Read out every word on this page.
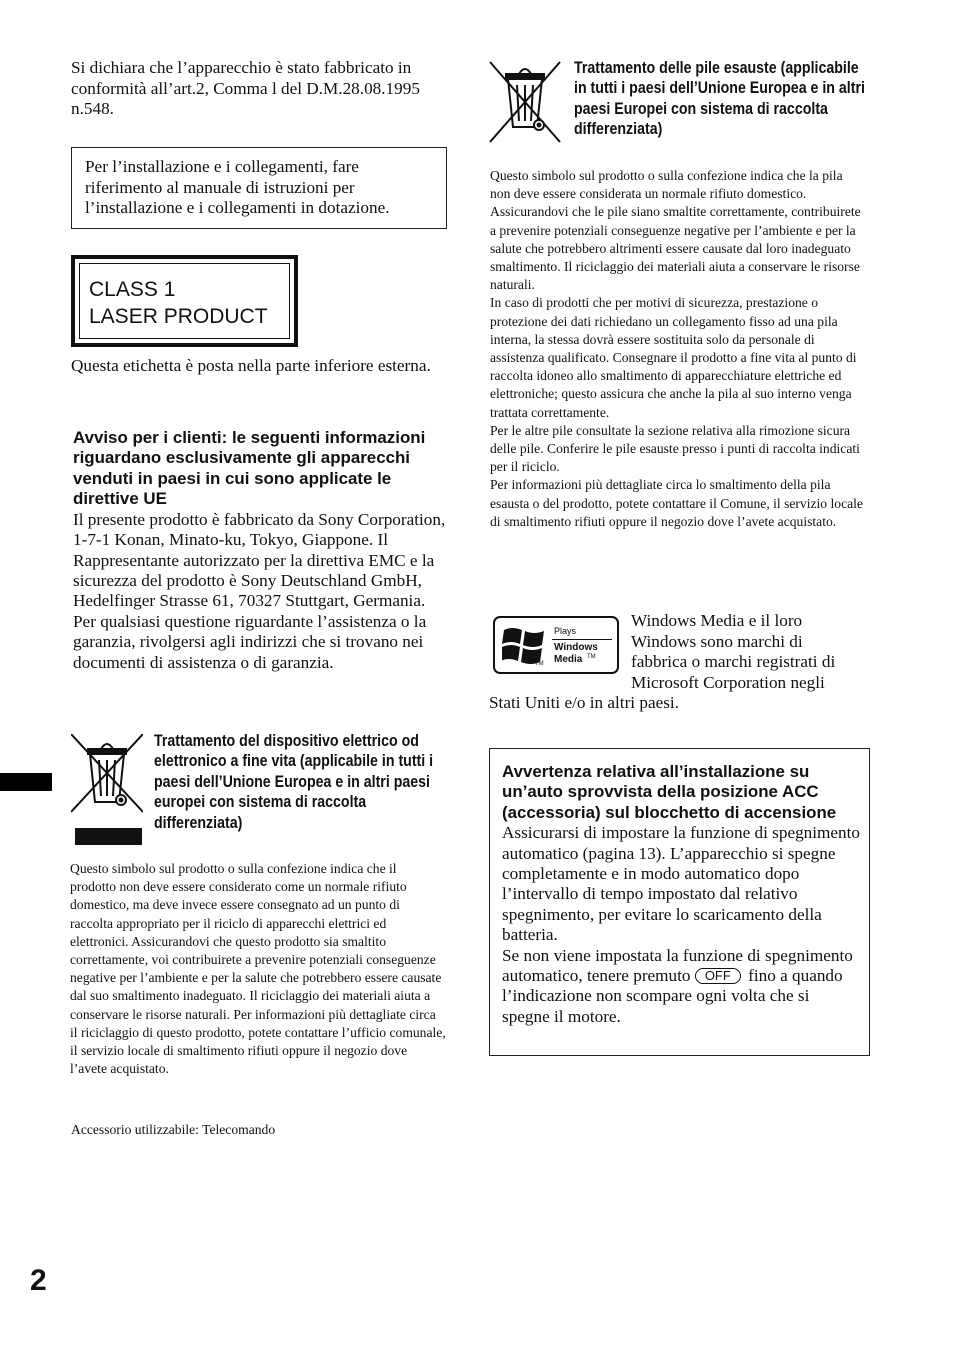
Si dichiara che l’apparecchio è stato fabbricato in conformità all’art.2, Comma l del D.M.28.08.1995 n.548.

Per l’installazione e i collegamenti, fare riferimento al manuale di istruzioni per l’installazione e i collegamenti in dotazione.

CLASS 1
LASER PRODUCT

Questa etichetta è posta nella parte inferiore esterna.

Avviso per i clienti: le seguenti informazioni riguardano esclusivamente gli apparecchi venduti in paesi in cui sono applicate le direttive UE

Il presente prodotto è fabbricato da Sony Corporation, 1-7-1 Konan, Minato-ku, Tokyo, Giappone. Il Rappresentante autorizzato per la direttiva EMC e la sicurezza del prodotto è Sony Deutschland GmbH, Hedelfinger Strasse 61, 70327 Stuttgart, Germania. Per qualsiasi questione riguardante l’assistenza o la garanzia, rivolgersi agli indirizzi che si trovano nei documenti di assistenza o di garanzia.

Trattamento del dispositivo elettrico od elettronico a fine vita (applicabile in tutti i paesi dell’Unione Europea e in altri paesi europei con sistema di raccolta differenziata)

Questo simbolo sul prodotto o sulla confezione indica che il prodotto non deve essere considerato come un normale rifiuto domestico, ma deve invece essere consegnato ad un punto di raccolta appropriato per il riciclo di apparecchi elettrici ed elettronici. Assicurandovi che questo prodotto sia smaltito correttamente, voi contribuirete a prevenire potenziali conseguenze negative per l’ambiente e per la salute che potrebbero essere causate dal suo smaltimento inadeguato. Il riciclaggio dei materiali aiuta a conservare le risorse naturali. Per informazioni più dettagliate circa il riciclaggio di questo prodotto, potete contattare l’ufficio comunale, il servizio locale di smaltimento rifiuti oppure il negozio dove l’avete acquistato.

Accessorio utilizzabile: Telecomando

2
Trattamento delle pile esauste (applicabile in tutti i paesi dell’Unione Europea e in altri paesi Europei con sistema di raccolta differenziata)

Questo simbolo sul prodotto o sulla confezione indica che la pila non deve essere considerata un normale rifiuto domestico. Assicurandovi che le pile siano smaltite correttamente, contribuirete a prevenire potenziali conseguenze negative per l’ambiente e per la salute che potrebbero altrimenti essere causate dal loro inadeguato smaltimento. Il riciclaggio dei materiali aiuta a conservare le risorse naturali.

In caso di prodotti che per motivi di sicurezza, prestazione o protezione dei dati richiedano un collegamento fisso ad una pila interna, la stessa dovrà essere sostituita solo da personale di assistenza qualificato. Consegnare il prodotto a fine vita al punto di raccolta idoneo allo smaltimento di apparecchiature elettriche ed elettroniche; questo assicura che anche la pila al suo interno venga trattata correttamente.

Per le altre pile consultate la sezione relativa alla rimozione sicura delle pile. Conferire le pile esauste presso i punti di raccolta indicati per il riciclo.

Per informazioni più dettagliate circa lo smaltimento della pila esausta o del prodotto, potete contattare il Comune, il servizio locale di smaltimento rifiuti oppure il negozio dove l’avete acquistato.

TM
Plays
Windows
Media TM
Windows Media e il loro
Windows sono marchi di
fabbrica o marchi registrati di
Microsoft Corporation negli
Stati Uniti e/o in altri paesi.

Avvertenza relativa all’installazione su un’auto sprovvista della posizione ACC (accessoria) sul blocchetto di accensione

Assicurarsi di impostare la funzione di spegnimento automatico (pagina 13). L’apparecchio si spegne completamente e in modo automatico dopo l’intervallo di tempo impostato dal relativo spegnimento, per evitare lo scaricamento della batteria.

Se non viene impostata la funzione di spegnimento automatico, tenere premuto OFF fino a quando l’indicazione non scompare ogni volta che si spegne il motore.
